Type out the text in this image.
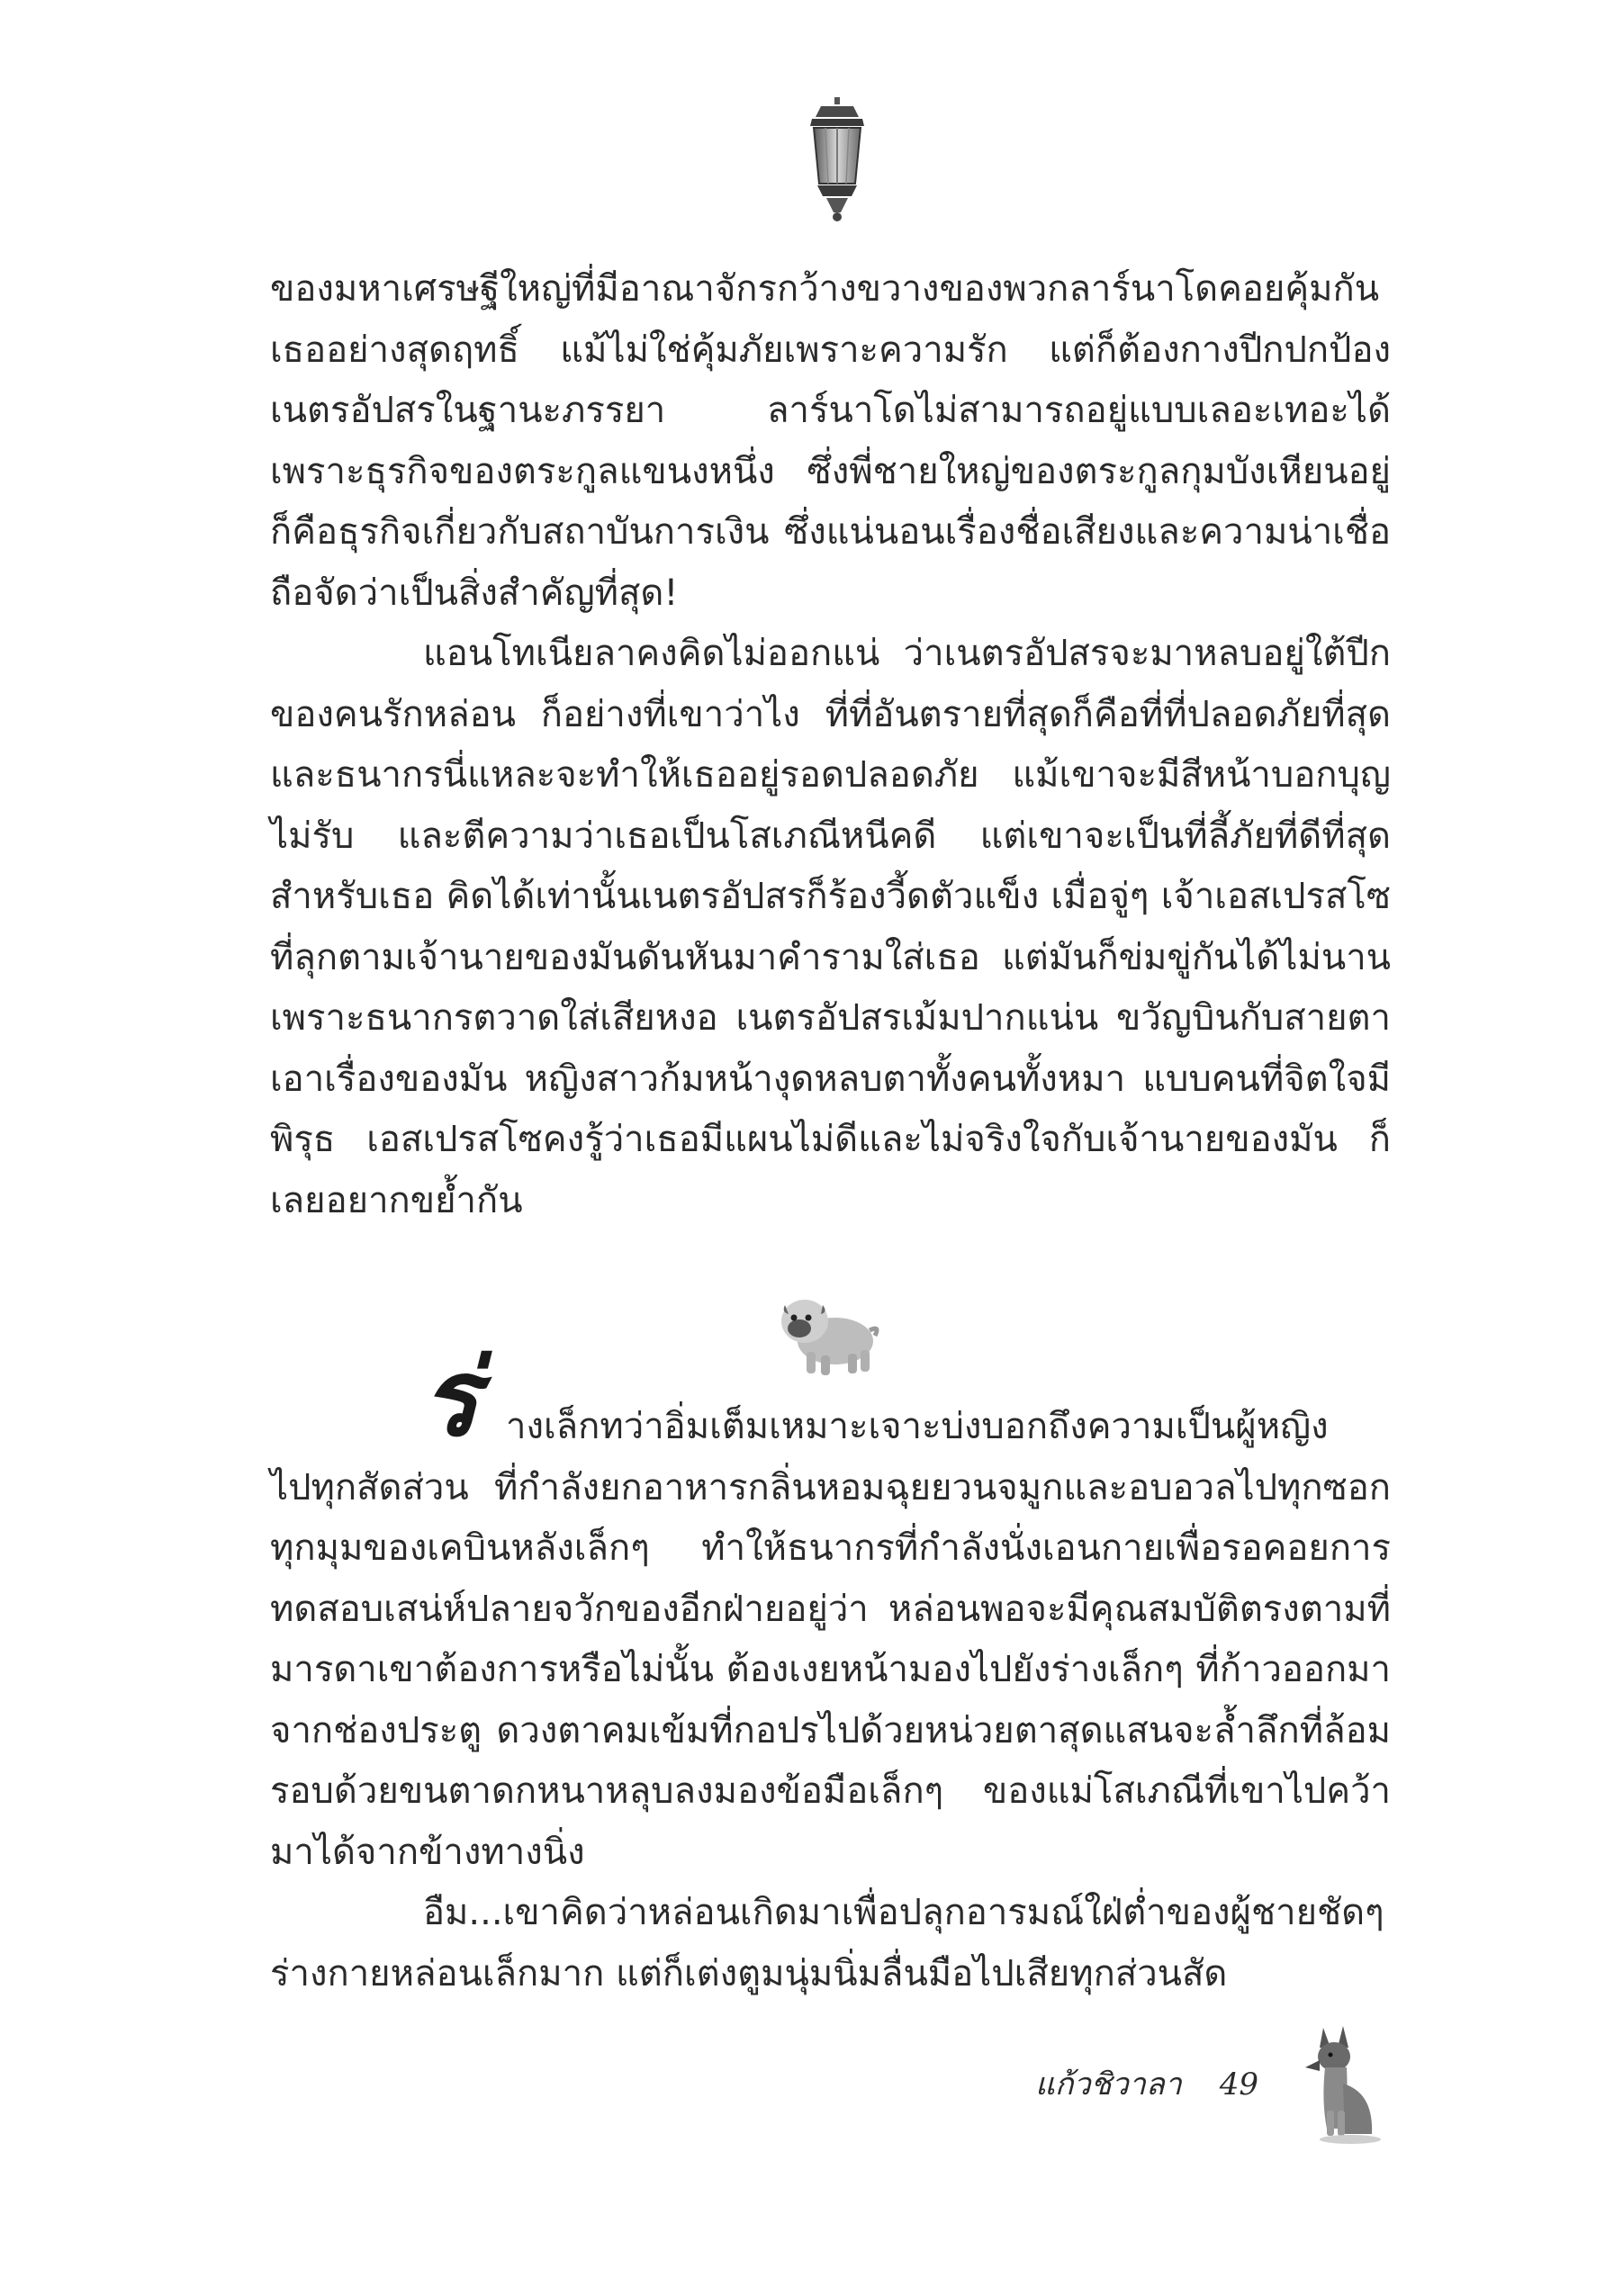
ของมหาเศรษฐีใหญ่ที่มีอาณาจักรกว้างขวางของพวกลาร์นาโดคอยคุ้มกันเธออย่างสุดฤทธิ์ แม้ไม่ใช่คุ้มภัยเพราะความรัก แต่ก็ต้องกางปีกปกป้องเนตรอัปสรในฐานะภรรยา ลาร์นาโดไม่สามารถอยู่แบบเลอะเทอะได้ เพราะธุรกิจของตระกูลแขนงหนึ่ง ซึ่งพี่ชายใหญ่ของตระกูลกุมบังเหียนอยู่ ก็คือธุรกิจเกี่ยวกับสถาบันการเงิน ซึ่งแน่นอนเรื่องชื่อเสียงและความน่าเชื่อถือจัดว่าเป็นสิ่งสำคัญที่สุด!

แอนโทเนียลาคงคิดไม่ออกแน่ ว่าเนตรอัปสรจะมาหลบอยู่ใต้ปีกของคนรักหล่อน ก็อย่างที่เขาว่าไง ที่ที่อันตรายที่สุดก็คือที่ที่ปลอดภัยที่สุด และธนากรนี่แหละจะทำให้เธออยู่รอดปลอดภัย แม้เขาจะมีสีหน้าบอกบุญไม่รับ และตีความว่าเธอเป็นโสเภณีหนีคดี แต่เขาจะเป็นที่ลี้ภัยที่ดีที่สุดสำหรับเธอ คิดได้เท่านั้นเนตรอัปสรก็ร้องวี้ดตัวแข็ง เมื่อจู่ๆ เจ้าเอสเปรสโซที่ลุกตามเจ้านายของมันดันหันมาคำรามใส่เธอ แต่มันก็ข่มขู่กันได้ไม่นานเพราะธนากรตวาดใส่เสียหงอ เนตรอัปสรเม้มปากแน่น ขวัญบินกับสายตาเอาเรื่องของมัน หญิงสาวก้มหน้างุดหลบตาทั้งคนทั้งหมา แบบคนที่จิตใจมีพิรุธ เอสเปรสโซคงรู้ว่าเธอมีแผนไม่ดีและไม่จริงใจกับเจ้านายของมัน ก็เลยอยากขย้ำกัน

ร่ างเล็กทว่าอิ่มเต็มเหมาะเจาะบ่งบอกถึงความเป็นผู้หญิง

ไปทุกสัดส่วน ที่กำลังยกอาหารกลิ่นหอมฉุยยวนจมูกและอบอวลไปทุกซอกทุกมุมของเคบินหลังเล็กๆ ทำให้ธนากรที่กำลังนั่งเอนกายเพื่อรอคอยการทดสอบเสน่ห์ปลายจวักของอีกฝ่ายอยู่ว่า หล่อนพอจะมีคุณสมบัติตรงตามที่มารดาเขาต้องการหรือไม่นั้น ต้องเงยหน้ามองไปยังร่างเล็กๆ ที่ก้าวออกมาจากช่องประตู ดวงตาคมเข้มที่กอปรไปด้วยหน่วยตาสุดแสนจะล้ำลึกที่ล้อมรอบด้วยขนตาดกหนาหลุบลงมองข้อมือเล็กๆ ของแม่โสเภณีที่เขาไปคว้ามาได้จากข้างทางนิ่ง

อืม...เขาคิดว่าหล่อนเกิดมาเพื่อปลุกอารมณ์ใฝ่ต่ำของผู้ชายชัดๆ ร่างกายหล่อนเล็กมาก แต่ก็เต่งตูมนุ่มนิ่มลื่นมือไปเสียทุกส่วนสัด

แก้วชิวาลา 49
